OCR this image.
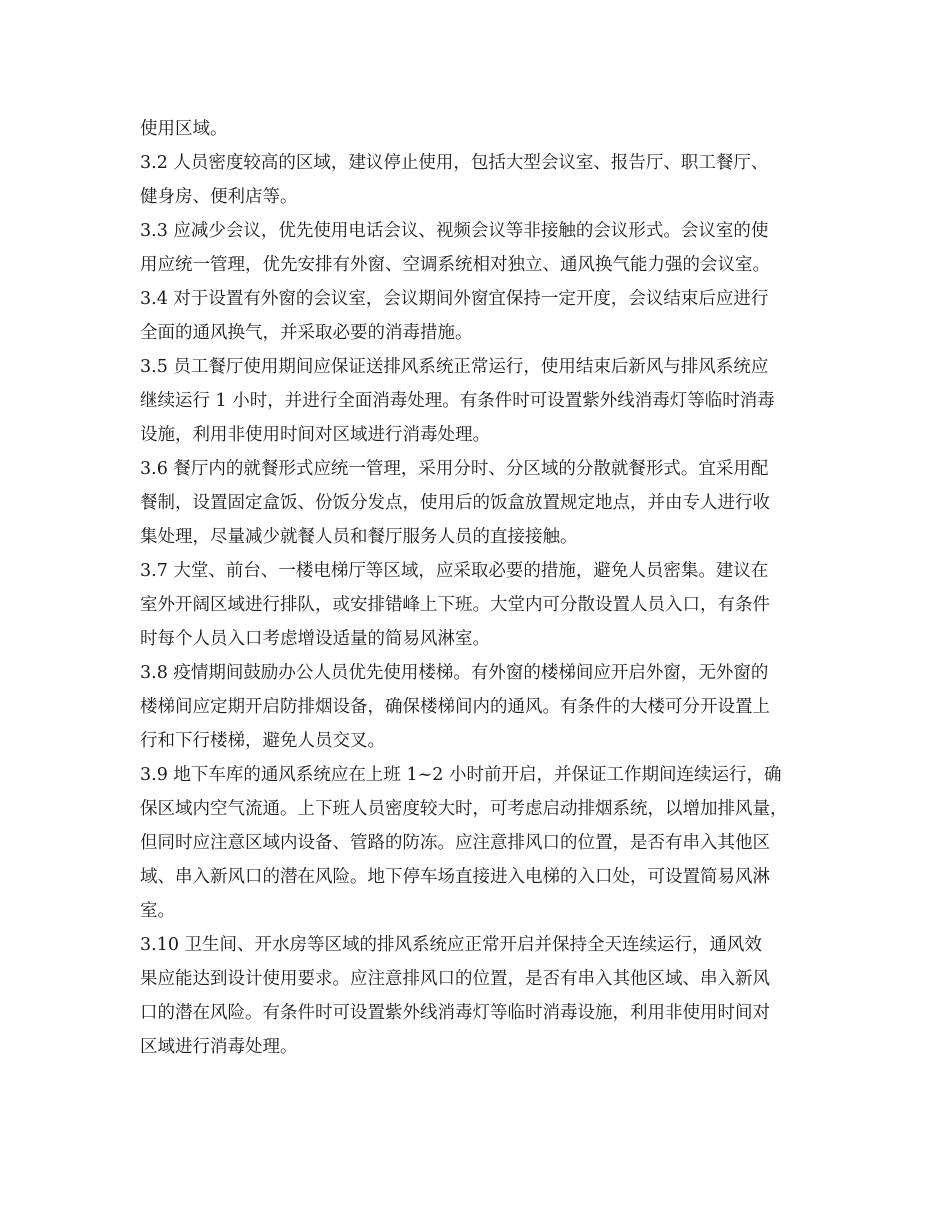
使用区域。
3.2 人员密度较高的区域，建议停止使用，包括大型会议室、报告厅、职工餐厅、
健身房、便利店等。
3.3 应减少会议，优先使用电话会议、视频会议等非接触的会议形式。会议室的使
用应统一管理，优先安排有外窗、空调系统相对独立、通风换气能力强的会议室。
3.4 对于设置有外窗的会议室，会议期间外窗宜保持一定开度，会议结束后应进行
全面的通风换气，并采取必要的消毒措施。
3.5 员工餐厅使用期间应保证送排风系统正常运行，使用结束后新风与排风系统应
继续运行 1 小时，并进行全面消毒处理。有条件时可设置紫外线消毒灯等临时消毒
设施，利用非使用时间对区域进行消毒处理。
3.6 餐厅内的就餐形式应统一管理，采用分时、分区域的分散就餐形式。宜采用配
餐制，设置固定盒饭、份饭分发点，使用后的饭盒放置规定地点，并由专人进行收
集处理，尽量减少就餐人员和餐厅服务人员的直接接触。
3.7 大堂、前台、一楼电梯厅等区域，应采取必要的措施，避免人员密集。建议在
室外开阔区域进行排队，或安排错峰上下班。大堂内可分散设置人员入口，有条件
时每个人员入口考虑增设适量的简易风淋室。
3.8 疫情期间鼓励办公人员优先使用楼梯。有外窗的楼梯间应开启外窗，无外窗的
楼梯间应定期开启防排烟设备，确保楼梯间内的通风。有条件的大楼可分开设置上
行和下行楼梯，避免人员交叉。
3.9 地下车库的通风系统应在上班 1~2 小时前开启，并保证工作期间连续运行，确
保区域内空气流通。上下班人员密度较大时，可考虑启动排烟系统，以增加排风量，
但同时应注意区域内设备、管路的防冻。应注意排风口的位置，是否有串入其他区
域、串入新风口的潜在风险。地下停车场直接进入电梯的入口处，可设置简易风淋
室。
3.10 卫生间、开水房等区域的排风系统应正常开启并保持全天连续运行，通风效
果应能达到设计使用要求。应注意排风口的位置，是否有串入其他区域、串入新风
口的潜在风险。有条件时可设置紫外线消毒灯等临时消毒设施，利用非使用时间对
区域进行消毒处理。
